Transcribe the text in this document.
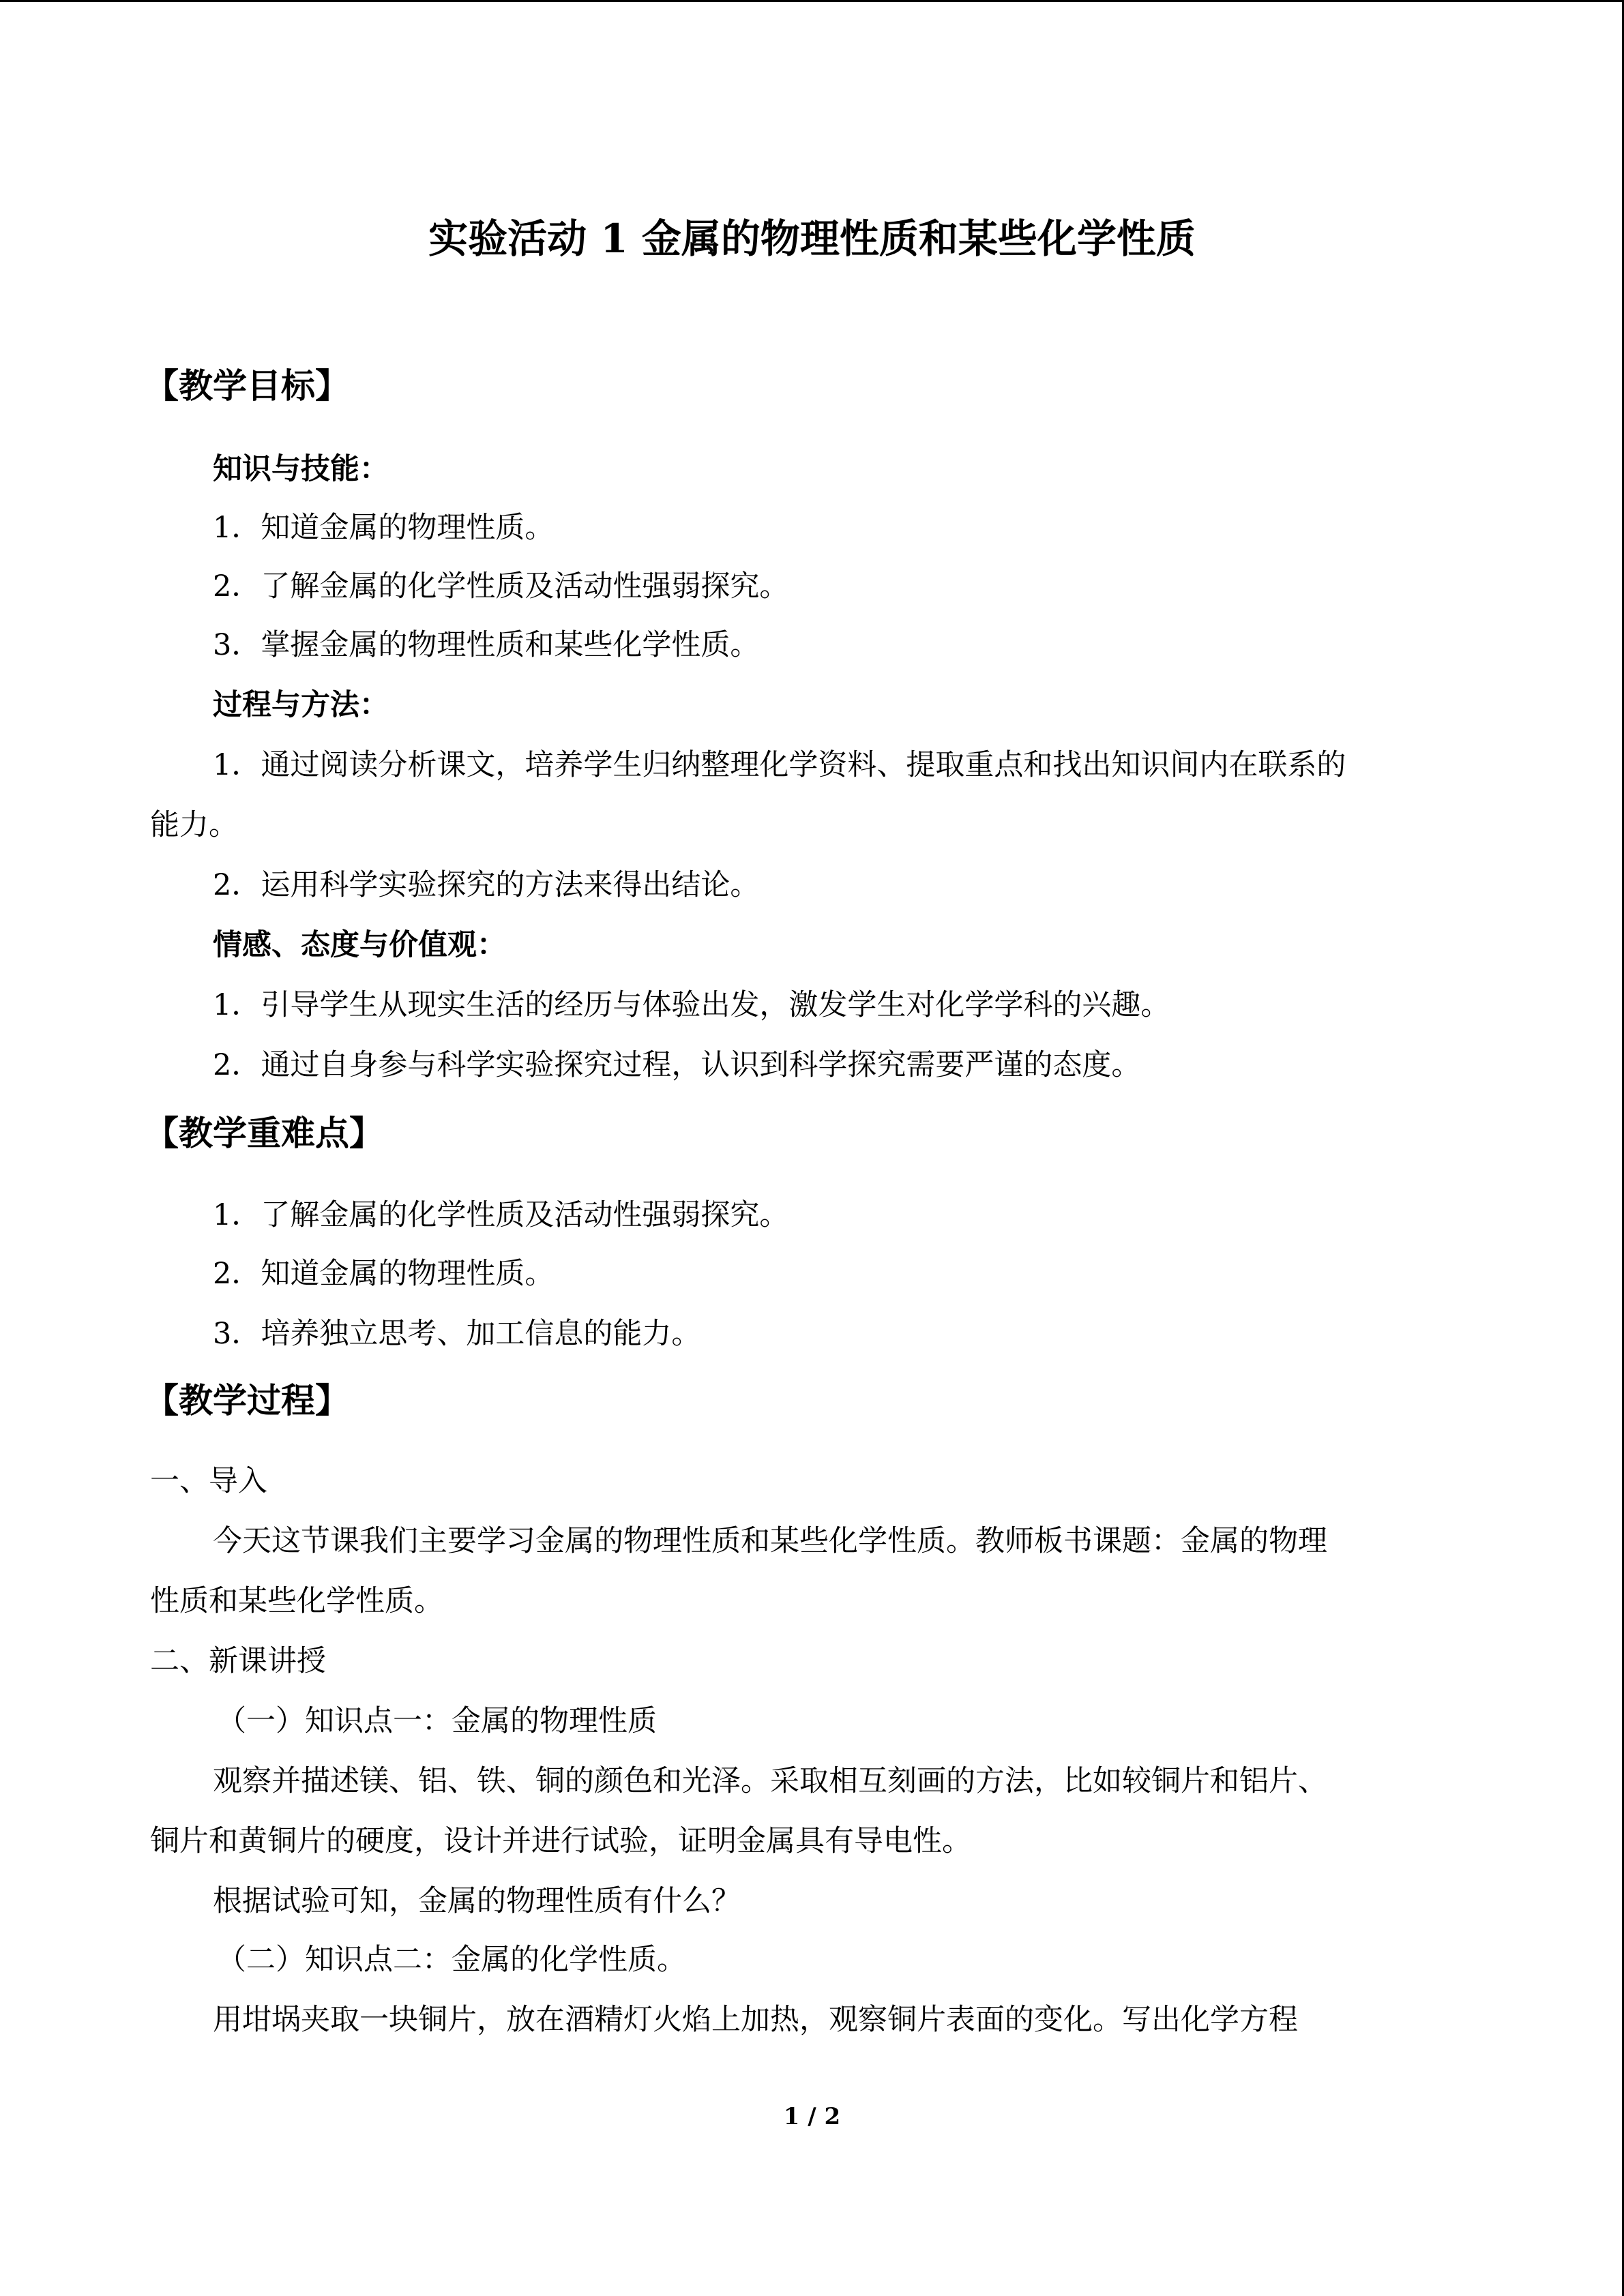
实验活动 1 金属的物理性质和某些化学性质
【教学目标】
知识与技能：
1．知道金属的物理性质。
2．了解金属的化学性质及活动性强弱探究。
3．掌握金属的物理性质和某些化学性质。
过程与方法：
1．通过阅读分析课文，培养学生归纳整理化学资料、提取重点和找出知识间内在联系的
能力。
2．运用科学实验探究的方法来得出结论。
情感、态度与价值观：
1．引导学生从现实生活的经历与体验出发，激发学生对化学学科的兴趣。
2．通过自身参与科学实验探究过程，认识到科学探究需要严谨的态度。
【教学重难点】
1．了解金属的化学性质及活动性强弱探究。
2．知道金属的物理性质。
3．培养独立思考、加工信息的能力。
【教学过程】
一、导入
今天这节课我们主要学习金属的物理性质和某些化学性质。教师板书课题：金属的物理
性质和某些化学性质。
二、新课讲授
（一）知识点一：金属的物理性质
观察并描述镁、铝、铁、铜的颜色和光泽。采取相互刻画的方法，比如较铜片和铝片、
铜片和黄铜片的硬度，设计并进行试验，证明金属具有导电性。
根据试验可知，金属的物理性质有什么？
（二）知识点二：金属的化学性质。
用坩埚夹取一块铜片，放在酒精灯火焰上加热，观察铜片表面的变化。写出化学方程
1 / 2
